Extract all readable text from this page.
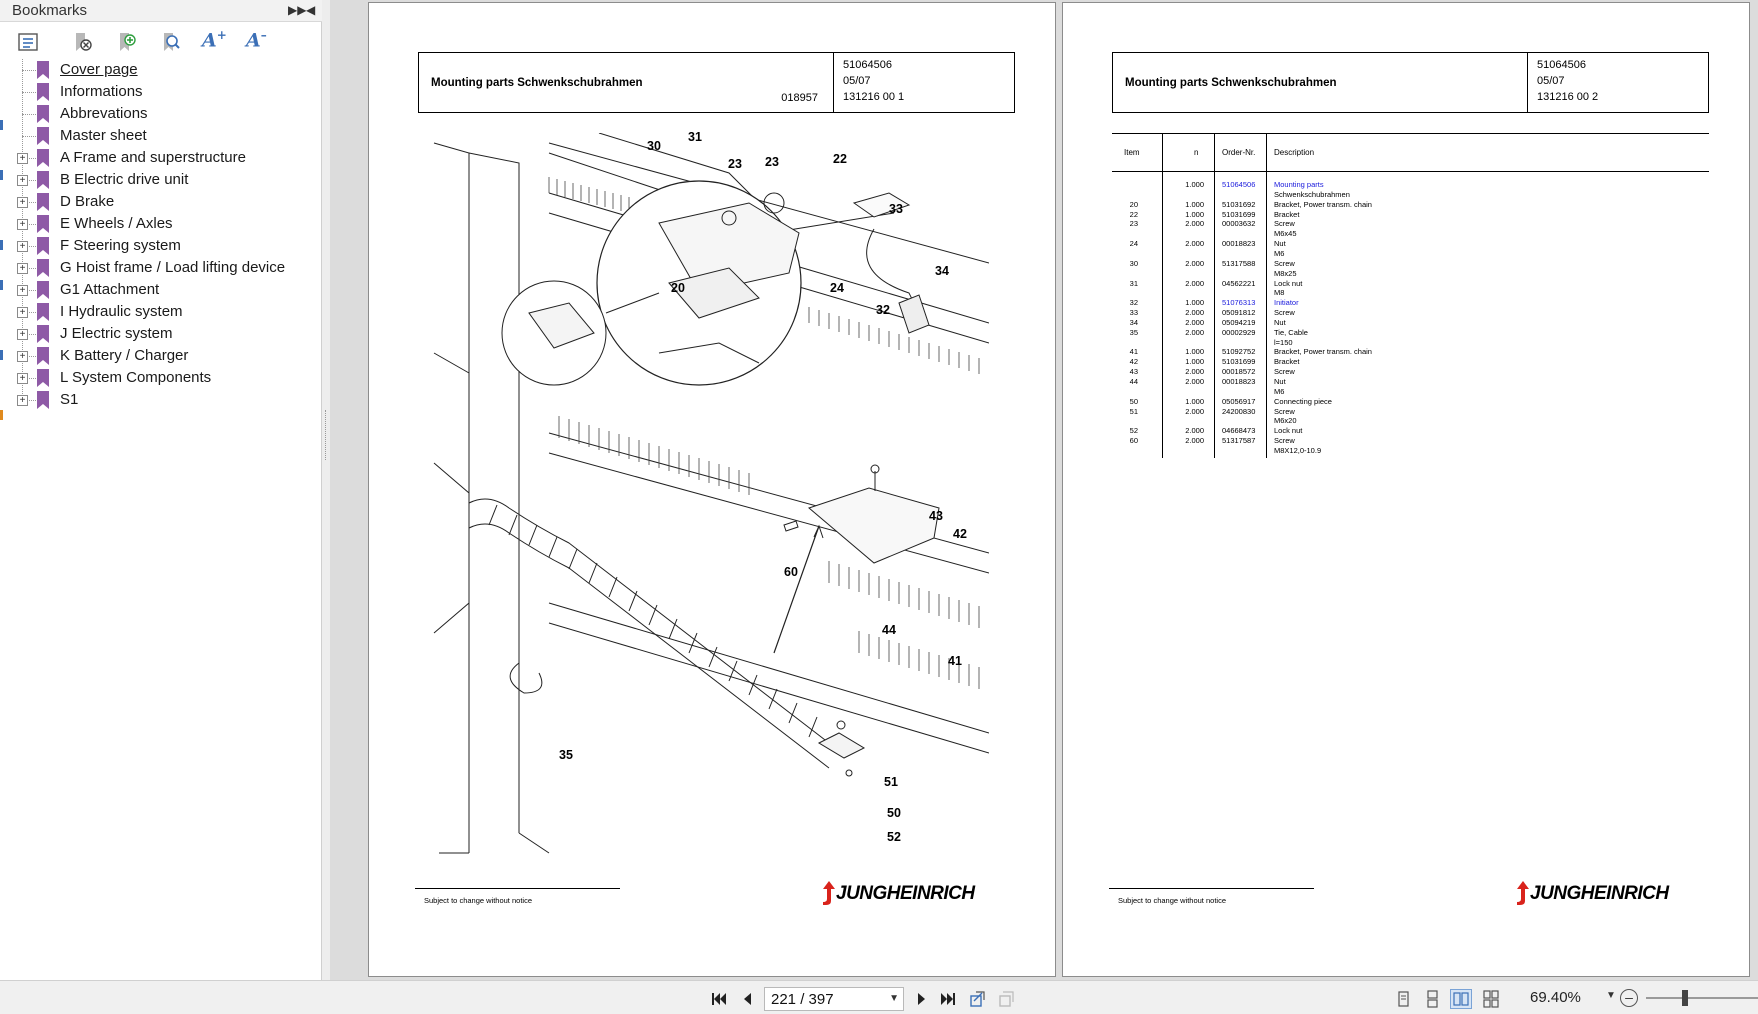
Bookmarks	▶▶ ◀
A+ A–
Cover page
Informations
Abbrevations
Master sheet
+ A Frame and superstructure
+ B Electric drive unit
+ D Brake
+ E Wheels / Axles
+ F Steering system
+ G Hoist frame / Load lifting device
+ G1 Attachment
+ I Hydraulic system
+ J Electric system
+ K Battery / Charger
+ L System Components
+ S1
Mounting parts Schwenkschubrahmen
018957
51064506
05/07
131216 00 1
30
31
23 23	22
33
34
20	24
32
43
42
60
44
41
35
51
50
52
Subject to change without notice	JUNGHEINRICH
Mounting parts Schwenkschubrahmen
51064506
05/07
131216 00 2
Item	n	Order-Nr. Description
1.000 51064506 Mounting parts
Schwenkschubrahmen
20	1.000 51031692 Bracket, Power transm. chain
22	1.000 51031699 Bracket
23	2.000 00003632 Screw
M6x45
24	2.000 00018823 Nut
M6
30	2.000 51317588 Screw
M8x25
31	2.000 04562221 Lock nut
M8
32	1.000 51076313 Initiator
33	2.000 05091812 Screw
34	2.000 05094219 Nut
35	2.000 00002929 Tie, Cable
l=150
41	1.000 51092752 Bracket, Power transm. chain
42	1.000 51031699 Bracket
43	2.000 00018572 Screw
44	2.000 00018823 Nut
M6
50	1.000 05056917 Connecting piece
51	2.000 24200830 Screw
M6x20
52	2.000 04668473 Lock nut
60	2.000 51317587 Screw
M8X12,0-10.9
Subject to change without notice	JUNGHEINRICH
221 / 397	▼	69.40%	▼ –
